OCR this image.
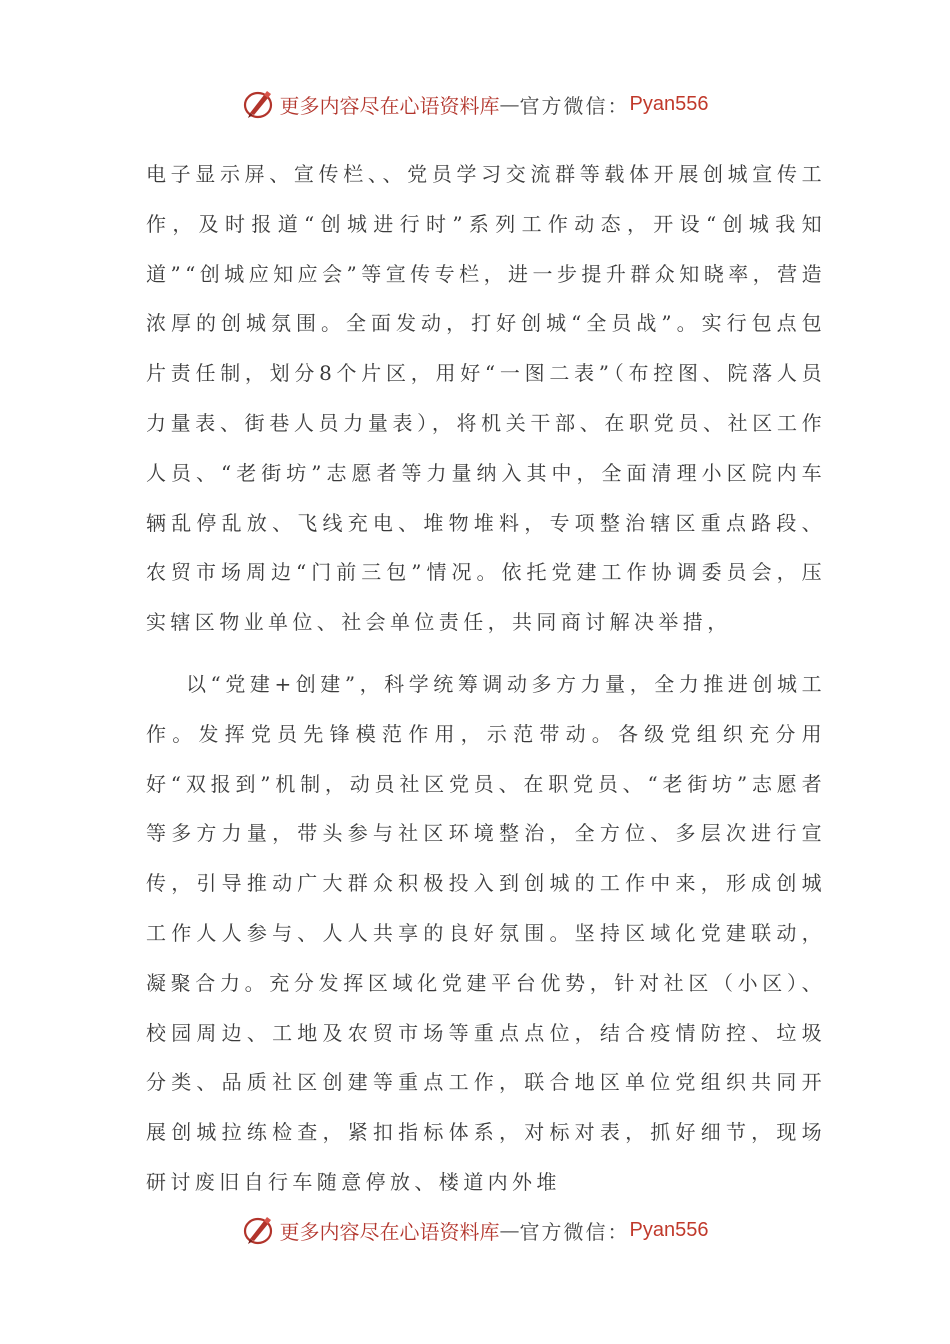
更多内容尽在心语资料库 — 官方微信： Pyan556

电子显示屏、宣传栏、、党员学习交流群等载体开展创城宣传工作，及时报道“创城进行时”系列工作动态，开设“创城我知道”“创城应知应会”等宣传专栏，进一步提升群众知晓率，营造浓厚的创城氛围。全面发动，打好创城“全员战”。实行包点包片责任制，划分8个片区，用好“一图二表”（布控图、院落人员力量表、街巷人员力量表），将机关干部、在职党员、社区工作人员、“老街坊”志愿者等力量纳入其中，全面清理小区院内车辆乱停乱放、飞线充电、堆物堆料，专项整治辖区重点路段、农贸市场周边“门前三包”情况。依托党建工作协调委员会，压实辖区物业单位、社会单位责任，共同商讨解决举措，

以“党建+创建”，科学统筹调动多方力量，全力推进创城工作。发挥党员先锋模范作用，示范带动。各级党组织充分用好“双报到”机制，动员社区党员、在职党员、“老街坊”志愿者等多方力量，带头参与社区环境整治，全方位、多层次进行宣传，引导推动广大群众积极投入到创城的工作中来，形成创城工作人人参与、人人共享的良好氛围。坚持区域化党建联动，凝聚合力。充分发挥区域化党建平台优势，针对社区（小区）、校园周边、工地及农贸市场等重点点位，结合疫情防控、垃圾分类、品质社区创建等重点工作，联合地区单位党组织共同开展创城拉练检查，紧扣指标体系，对标对表，抓好细节，现场研讨废旧自行车随意停放、楼道内外堆

更多内容尽在心语资料库 — 官方微信： Pyan556
